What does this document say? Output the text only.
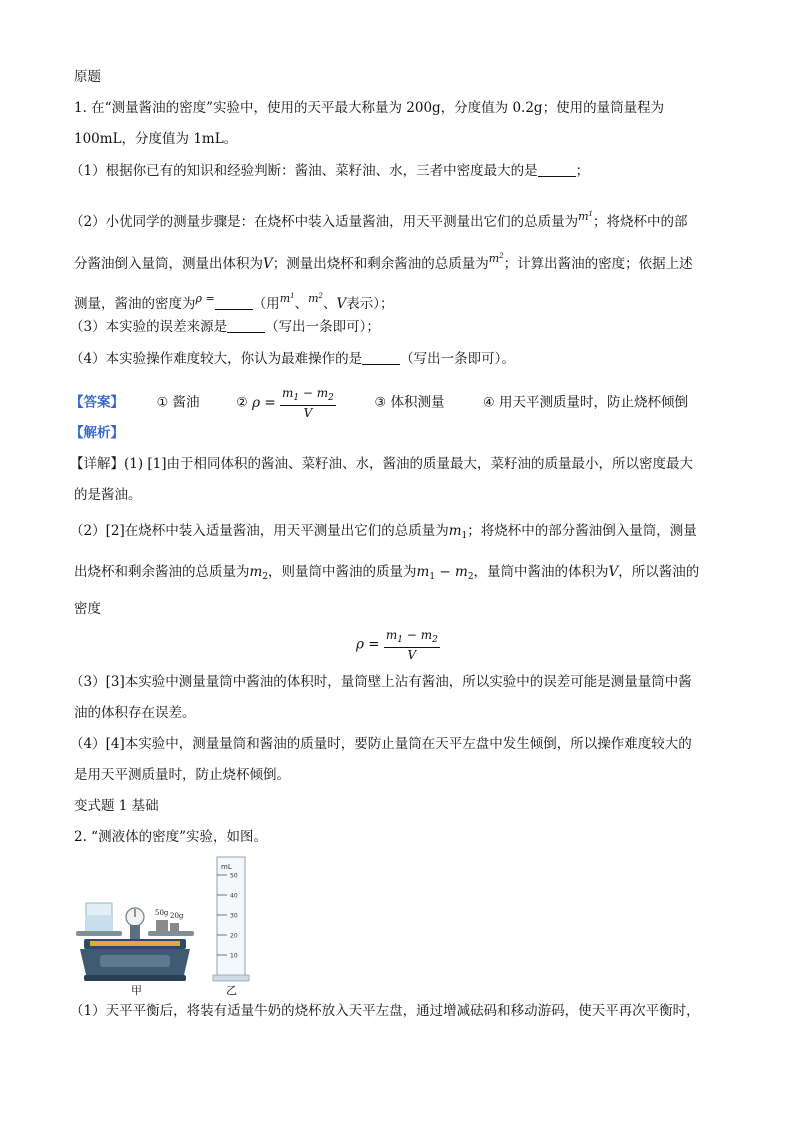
原题
1. 在“测量酱油的密度”实验中，使用的天平最大称量为 200g，分度值为 0.2g；使用的量筒量程为
100mL，分度值为 1mL。
（1）根据你已有的知识和经验判断：酱油、菜籽油、水，三者中密度最大的是	；
（2）小优同学的测量步骤是：在烧杯中装入适量酱油，用天平测量出它们的总质量为$^{m^1}$；将烧杯中的部
分酱油倒入量筒，测量出体积为V；测量出烧杯和剩余酱油的总质量为$^{m^2}$；计算出酱油的密度；依据上述
测量，酱油的密度为$^{\rho =}$	（用$^{m^1}$、$^{m^2}$、V表示）；
（3）本实验的误差来源是	（写出一条即可）；
（4）本实验操作难度较大，你认为最难操作的是	（写出一条即可）。
【答案】	① 酱油	② $\rho = \frac{m_1 - m_2}{V}$	③ 体积测量	④ 用天平测质量时，防止烧杯倾倒
【解析】
【详解】(1) [1]由于相同体积的酱油、菜籽油、水，酱油的质量最大，菜籽油的质量最小，所以密度最大
的是酱油。
（2）[2]在烧杯中装入适量酱油，用天平测量出它们的总质量为$m_1$；将烧杯中的部分酱油倒入量筒，测量
出烧杯和剩余酱油的总质量为$m_2$，则量筒中酱油的质量为$m_1 - m_2$，量筒中酱油的体积为V，所以酱油的
密度
$\rho = \frac{m_1 - m_2}{V}$
（3）[3]本实验中测量量筒中酱油的体积时，量筒壁上沾有酱油，所以实验中的误差可能是测量量筒中酱
油的体积存在误差。
（4）[4]本实验中，测量量筒和酱油的质量时，要防止量筒在天平左盘中发生倾倒，所以操作难度较大的
是用天平测质量时，防止烧杯倾倒。
变式题 1 基础
2. “测液体的密度”实验，如图。
50g 20g
甲
mL
50
40
30
20
10
乙
（1）天平平衡后，将装有适量牛奶的烧杯放入天平左盘，通过增减砝码和移动游码，使天平再次平衡时，
